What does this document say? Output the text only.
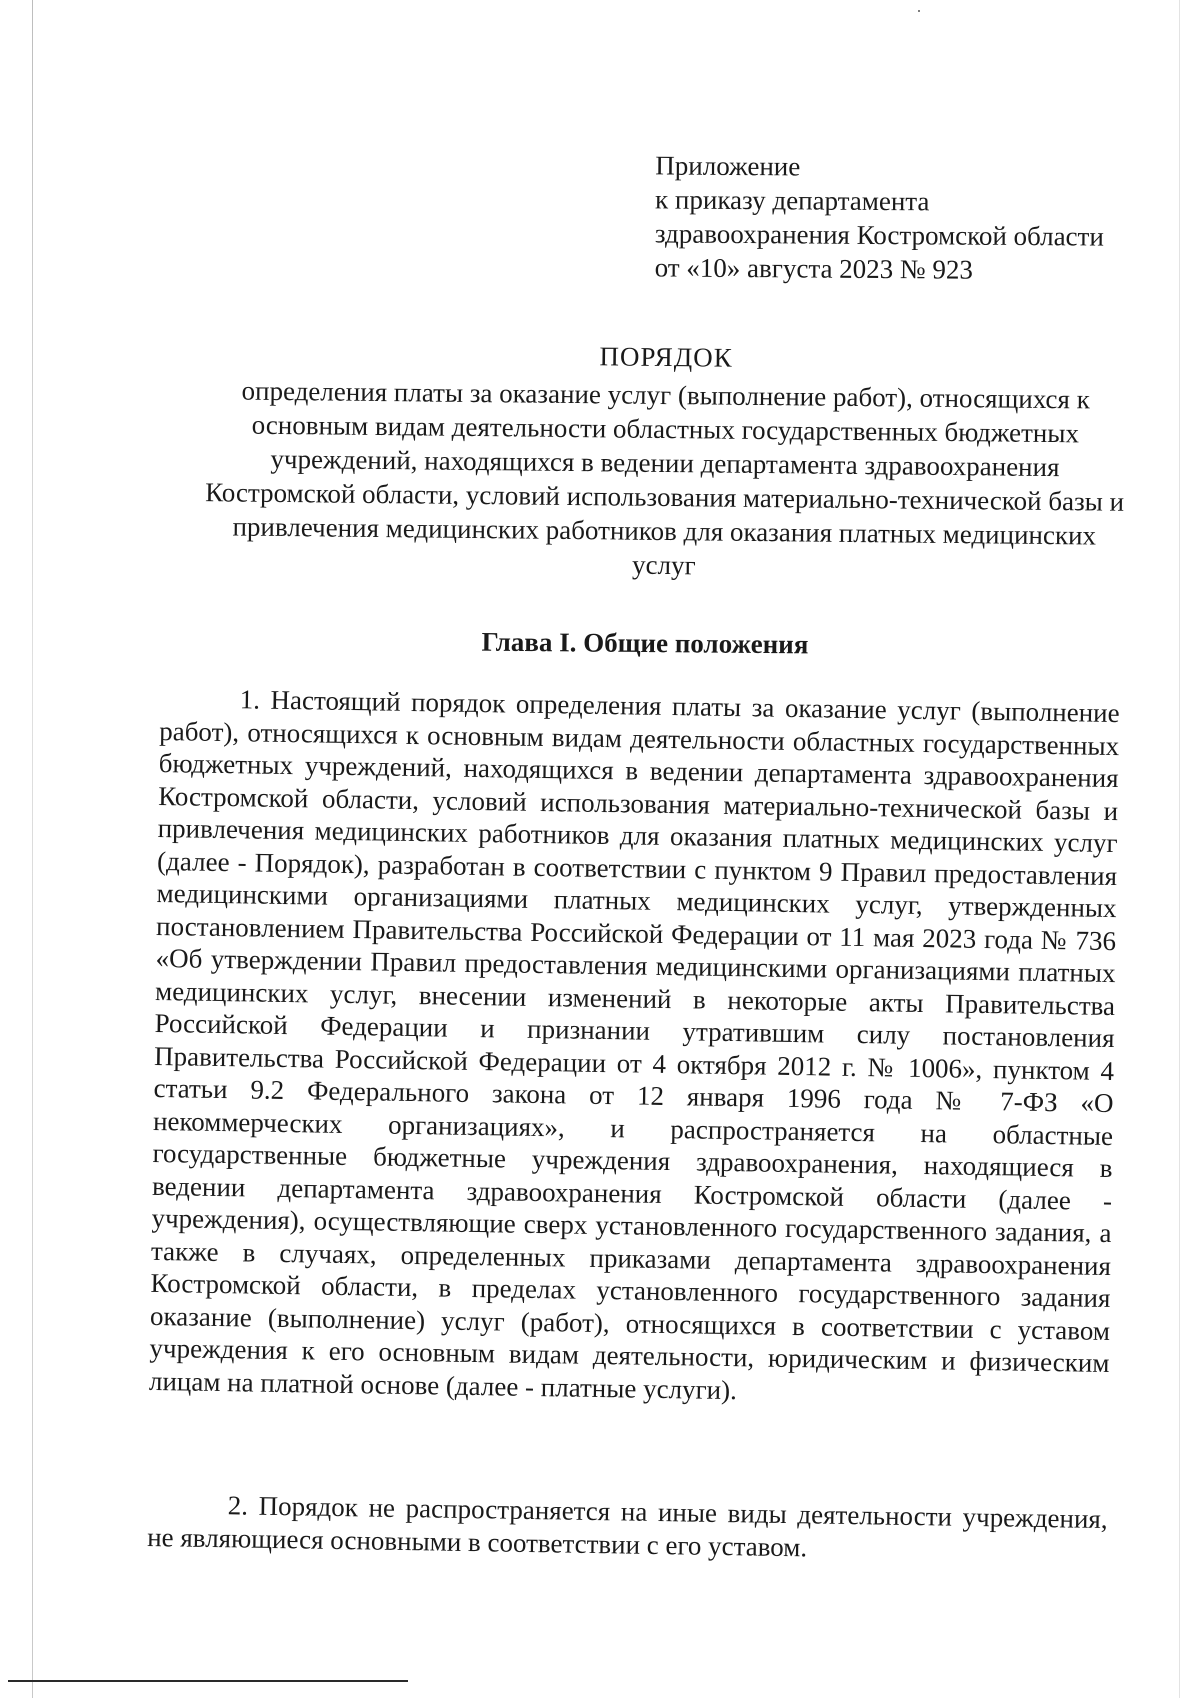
Приложение
к приказу департамента
здравоохранения Костромской области
от «10» августа 2023 № 923
ПОРЯДОК
определения платы за оказание услуг (выполнение работ), относящихся к основным видам деятельности областных государственных бюджетных учреждений, находящихся в ведении департамента здравоохранения Костромской области, условий использования материально-технической базы и привлечения медицинских работников для оказания платных медицинских услуг
Глава I. Общие положения
1. Настоящий порядок определения платы за оказание услуг (выполнение работ), относящихся к основным видам деятельности областных государственных бюджетных учреждений, находящихся в ведении департамента здравоохранения Костромской области, условий использования материально-технической базы и привлечения медицинских работников для оказания платных медицинских услуг (далее - Порядок), разработан в соответствии с пунктом 9 Правил предоставления медицинскими организациями платных медицинских услуг, утвержденных постановлением Правительства Российской Федерации от 11 мая 2023 года № 736 «Об утверждении Правил предоставления медицинскими организациями платных медицинских услуг, внесении изменений в некоторые акты Правительства Российской Федерации и признании утратившим силу постановления Правительства Российской Федерации от 4 октября 2012 г. № 1006», пунктом 4 статьи 9.2 Федерального закона от 12 января 1996 года № 7-ФЗ «О некоммерческих организациях», и распространяется на областные государственные бюджетные учреждения здравоохранения, находящиеся в ведении департамента здравоохранения Костромской области (далее - учреждения), осуществляющие сверх установленного государственного задания, а также в случаях, определенных приказами департамента здравоохранения Костромской области, в пределах установленного государственного задания оказание (выполнение) услуг (работ), относящихся в соответствии с уставом учреждения к его основным видам деятельности, юридическим и физическим лицам на платной основе (далее - платные услуги).
2. Порядок не распространяется на иные виды деятельности учреждения, не являющиеся основными в соответствии с его уставом.
